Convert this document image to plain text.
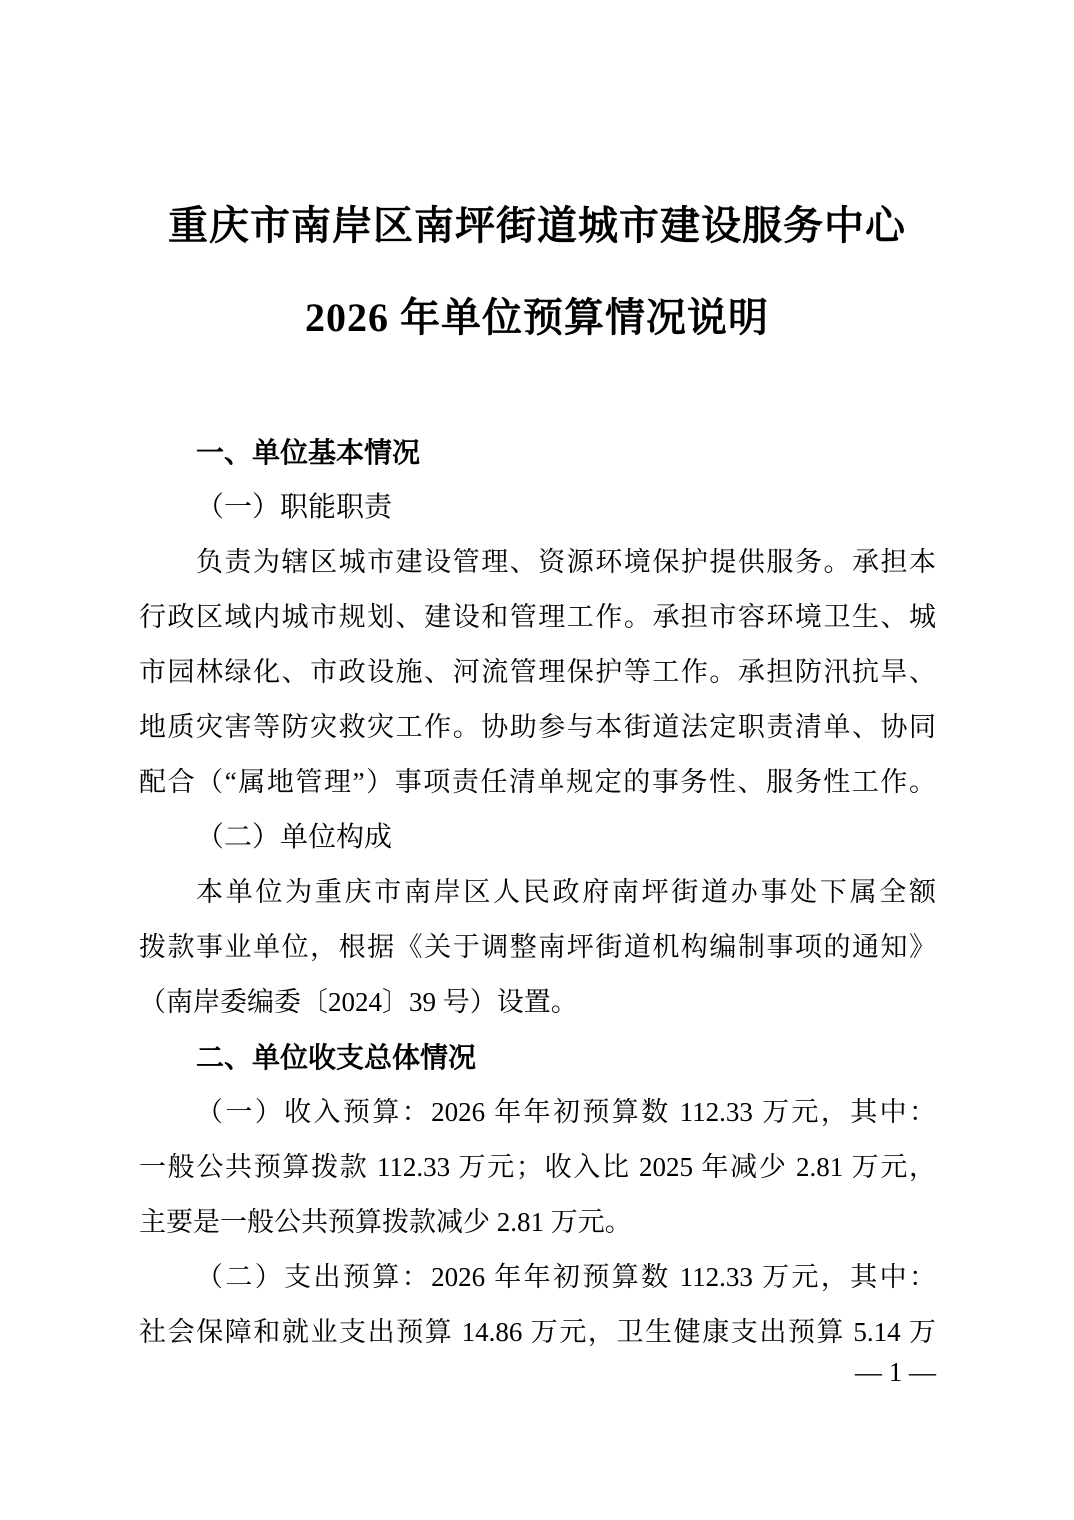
重庆市南岸区南坪街道城市建设服务中心
2026 年单位预算情况说明
一、单位基本情况
（一）职能职责
负责为辖区城市建设管理、资源环境保护提供服务。承担本
行政区域内城市规划、建设和管理工作。承担市容环境卫生、城
市园林绿化、市政设施、河流管理保护等工作。承担防汛抗旱、
地质灾害等防灾救灾工作。协助参与本街道法定职责清单、协同
配合（“属地管理”）事项责任清单规定的事务性、服务性工作。
（二）单位构成
本单位为重庆市南岸区人民政府南坪街道办事处下属全额
拨款事业单位，根据《关于调整南坪街道机构编制事项的通知》
（南岸委编委〔2024〕39 号）设置。
二、单位收支总体情况
（一）收入预算：2026 年年初预算数 112.33 万元，其中：
一般公共预算拨款 112.33 万元；收入比 2025 年减少 2.81 万元，
主要是一般公共预算拨款减少 2.81 万元。
（二）支出预算：2026 年年初预算数 112.33 万元，其中：
社会保障和就业支出预算 14.86 万元，卫生健康支出预算 5.14 万
— 1 —
